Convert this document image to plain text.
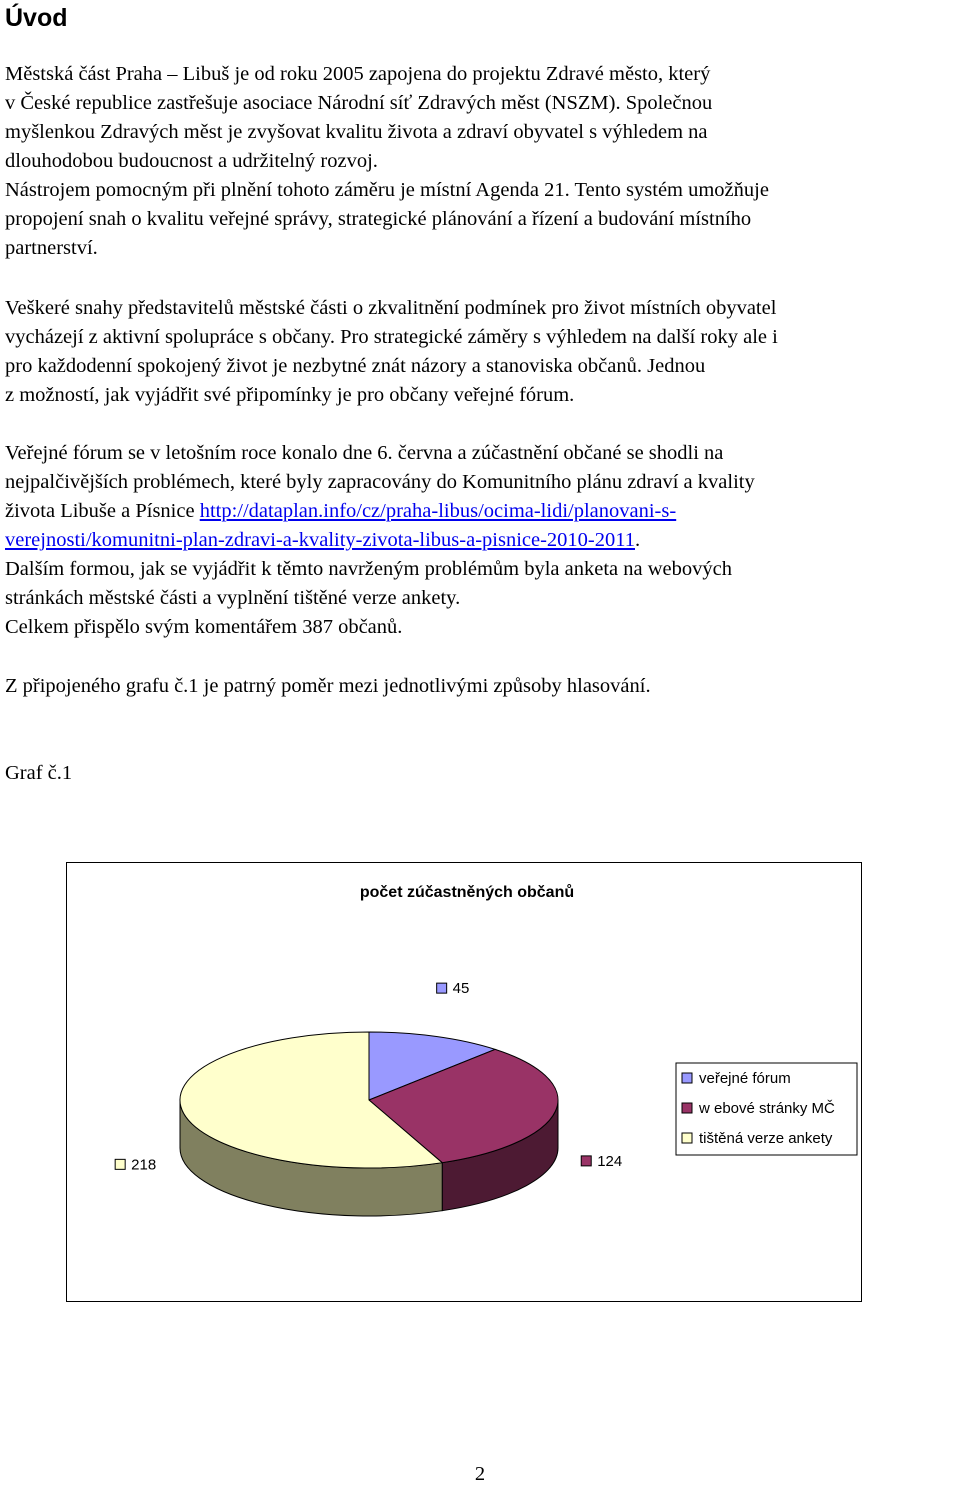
Úvod

Městská část Praha – Libuš je od roku 2005 zapojena do projektu Zdravé město, který

v České republice zastřešuje asociace Národní síť Zdravých měst (NSZM). Společnou

myšlenkou Zdravých měst je zvyšovat kvalitu života a zdraví obyvatel s výhledem na

dlouhodobou budoucnost a udržitelný rozvoj.

Nástrojem pomocným při plnění tohoto záměru je místní Agenda 21. Tento systém umožňuje

propojení snah o kvalitu veřejné správy, strategické plánování a řízení a budování místního

partnerství.

Veškeré snahy představitelů městské části o zkvalitnění podmínek pro život místních obyvatel

vycházejí z aktivní spolupráce s občany. Pro strategické záměry s výhledem na další roky ale i

pro každodenní spokojený život je nezbytné znát názory a stanoviska občanů. Jednou

z možností, jak vyjádřit své připomínky je pro občany veřejné fórum.

Veřejné fórum se v letošním roce konalo dne 6. června a zúčastnění občané se shodli na

nejpalčivějších problémech, které byly zapracovány do Komunitního plánu zdraví a kvality

života Libuše a Písnice http://dataplan.info/cz/praha-libus/ocima-lidi/planovani-s-

verejnosti/komunitni-plan-zdravi-a-kvality-zivota-libus-a-pisnice-2010-2011.

Dalším formou, jak se vyjádřit k těmto navrženým problémům byla anketa na webových

stránkách městské části a vyplnění tištěné verze ankety.

Celkem přispělo svým komentářem 387 občanů.

Z připojeného grafu č.1 je patrný poměr mezi jednotlivými způsoby hlasování.

Graf č.1

počet zúčastněných občanů
45
124
218
veřejné fórum
w ebové stránky MČ
tištěná verze ankety
2
